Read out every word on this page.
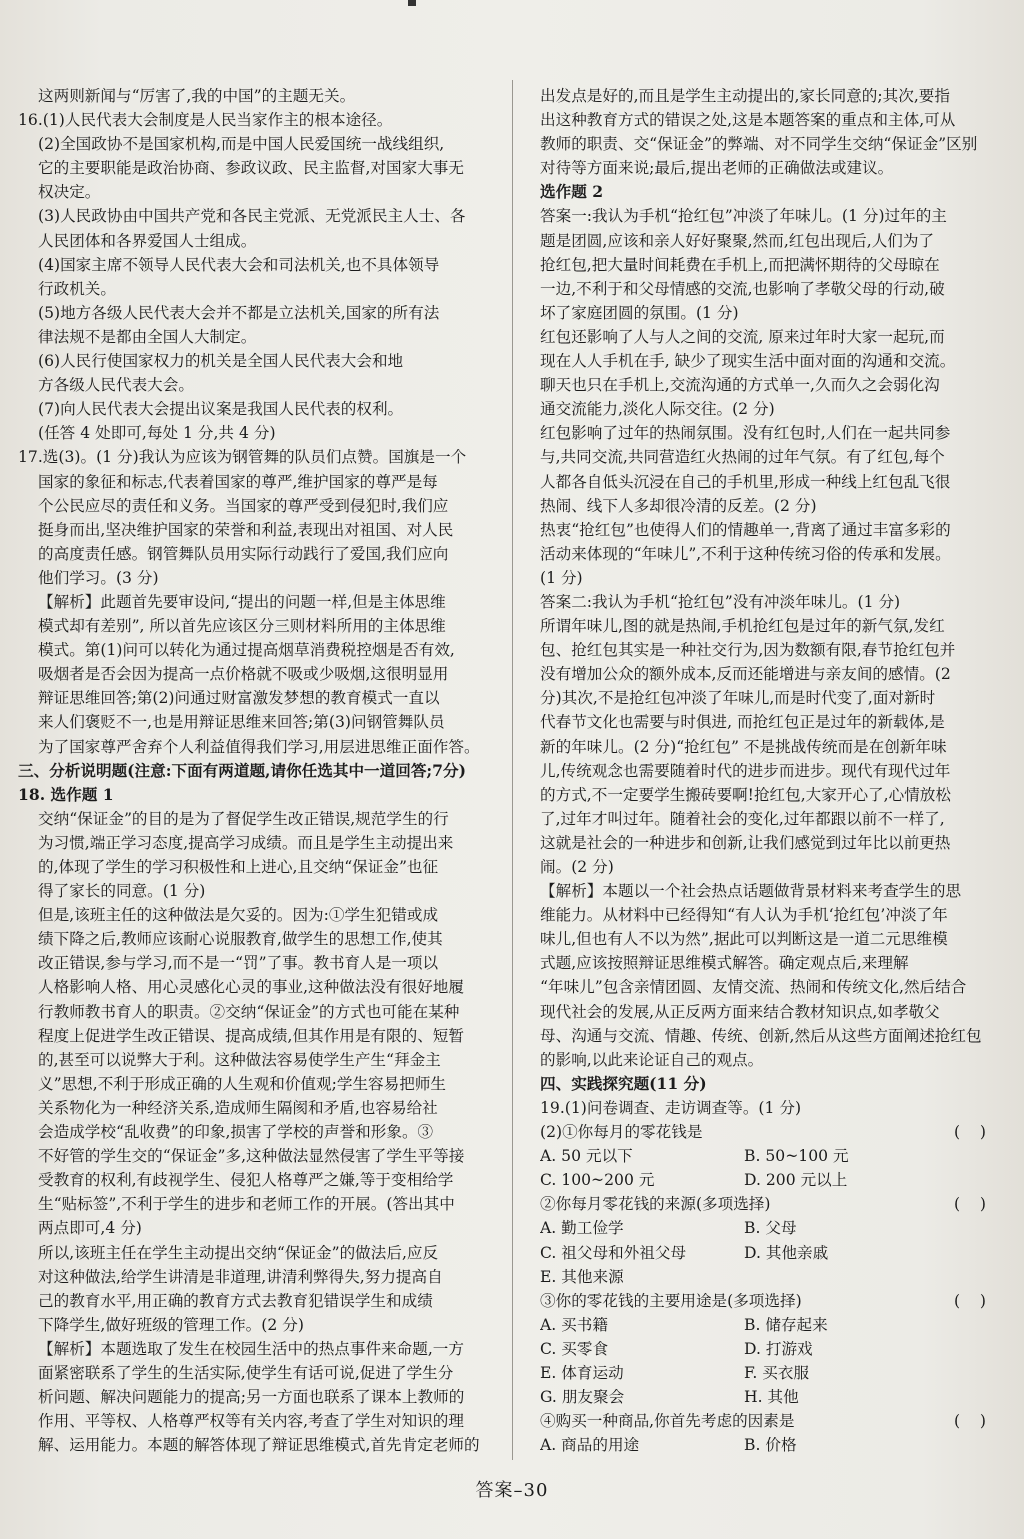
这两则新闻与“厉害了,我的中国”的主题无关。
16.(1)人民代表大会制度是人民当家作主的根本途径。
(2)全国政协不是国家机构,而是中国人民爱国统一战线组织,
它的主要职能是政治协商、参政议政、民主监督,对国家大事无
权决定。
(3)人民政协由中国共产党和各民主党派、无党派民主人士、各
人民团体和各界爱国人士组成。
(4)国家主席不领导人民代表大会和司法机关,也不具体领导
行政机关。
(5)地方各级人民代表大会并不都是立法机关,国家的所有法
律法规不是都由全国人大制定。
(6)人民行使国家权力的机关是全国人民代表大会和地
方各级人民代表大会。
(7)向人民代表大会提出议案是我国人民代表的权利。
(任答 4 处即可,每处 1 分,共 4 分)
17.选(3)。(1 分)我认为应该为钢管舞的队员们点赞。国旗是一个
国家的象征和标志,代表着国家的尊严,维护国家的尊严是每
个公民应尽的责任和义务。当国家的尊严受到侵犯时,我们应
挺身而出,坚决维护国家的荣誉和利益,表现出对祖国、对人民
的高度责任感。钢管舞队员用实际行动践行了爱国,我们应向
他们学习。(3 分)
【解析】此题首先要审设问,“提出的问题一样,但是主体思维
模式却有差别”, 所以首先应该区分三则材料所用的主体思维
模式。第(1)问可以转化为通过提高烟草消费税控烟是否有效,
吸烟者是否会因为提高一点价格就不吸或少吸烟,这很明显用
辩证思维回答;第(2)问通过财富激发梦想的教育模式一直以
来人们褒贬不一,也是用辩证思维来回答;第(3)问钢管舞队员
为了国家尊严舍弃个人利益值得我们学习,用层进思维正面作答。
三、分析说明题(注意:下面有两道题,请你任选其中一道回答;7分)
18. 选作题 1
交纳“保证金”的目的是为了督促学生改正错误,规范学生的行
为习惯,端正学习态度,提高学习成绩。而且是学生主动提出来
的,体现了学生的学习积极性和上进心,且交纳“保证金”也征
得了家长的同意。(1 分)
但是,该班主任的这种做法是欠妥的。因为:①学生犯错或成
绩下降之后,教师应该耐心说服教育,做学生的思想工作,使其
改正错误,参与学习,而不是一“罚”了事。教书育人是一项以
人格影响人格、用心灵感化心灵的事业,这种做法没有很好地履
行教师教书育人的职责。②交纳“保证金”的方式也可能在某种
程度上促进学生改正错误、提高成绩,但其作用是有限的、短暂
的,甚至可以说弊大于利。这种做法容易使学生产生“拜金主
义”思想,不利于形成正确的人生观和价值观;学生容易把师生
关系物化为一种经济关系,造成师生隔阂和矛盾,也容易给社
会造成学校“乱收费”的印象,损害了学校的声誉和形象。③
不好管的学生交的“保证金”多,这种做法显然侵害了学生平等接
受教育的权利,有歧视学生、侵犯人格尊严之嫌,等于变相给学
生“贴标签”,不利于学生的进步和老师工作的开展。(答出其中
两点即可,4 分)
所以,该班主任在学生主动提出交纳“保证金”的做法后,应反
对这种做法,给学生讲清是非道理,讲清利弊得失,努力提高自
己的教育水平,用正确的教育方式去教育犯错误学生和成绩
下降学生,做好班级的管理工作。(2 分)
【解析】本题选取了发生在校园生活中的热点事件来命题,一方
面紧密联系了学生的生活实际,使学生有话可说,促进了学生分
析问题、解决问题能力的提高;另一方面也联系了课本上教师的
作用、平等权、人格尊严权等有关内容,考查了学生对知识的理
解、运用能力。本题的解答体现了辩证思维模式,首先肯定老师的
出发点是好的,而且是学生主动提出的,家长同意的;其次,要指
出这种教育方式的错误之处,这是本题答案的重点和主体,可从
教师的职责、交“保证金”的弊端、对不同学生交纳“保证金”区别
对待等方面来说;最后,提出老师的正确做法或建议。
选作题 2
答案一:我认为手机“抢红包”冲淡了年味儿。(1 分)过年的主
题是团圆,应该和亲人好好聚聚,然而,红包出现后,人们为了
抢红包,把大量时间耗费在手机上,而把满怀期待的父母晾在
一边,不利于和父母情感的交流,也影响了孝敬父母的行动,破
坏了家庭团圆的氛围。(1 分)
红包还影响了人与人之间的交流, 原来过年时大家一起玩,而
现在人人手机在手, 缺少了现实生活中面对面的沟通和交流。
聊天也只在手机上,交流沟通的方式单一,久而久之会弱化沟
通交流能力,淡化人际交往。(2 分)
红包影响了过年的热闹氛围。没有红包时,人们在一起共同参
与,共同交流,共同营造红火热闹的过年气氛。有了红包,每个
人都各自低头沉浸在自己的手机里,形成一种线上红包乱飞很
热闹、线下人多却很冷清的反差。(2 分)
热衷“抢红包”也使得人们的情趣单一,背离了通过丰富多彩的
活动来体现的“年味儿”,不利于这种传统习俗的传承和发展。
(1 分)
答案二:我认为手机“抢红包”没有冲淡年味儿。(1 分)
所谓年味儿,图的就是热闹,手机抢红包是过年的新气氛,发红
包、抢红包其实是一种社交行为,因为数额有限,春节抢红包并
没有增加公众的额外成本,反而还能增进与亲友间的感情。(2
分)其次,不是抢红包冲淡了年味儿,而是时代变了,面对新时
代春节文化也需要与时俱进, 而抢红包正是过年的新载体,是
新的年味儿。(2 分)“抢红包” 不是挑战传统而是在创新年味
儿,传统观念也需要随着时代的进步而进步。现代有现代过年
的方式,不一定要学生搬砖要啊!抢红包,大家开心了,心情放松
了,过年才叫过年。随着社会的变化,过年都跟以前不一样了,
这就是社会的一种进步和创新,让我们感觉到过年比以前更热
闹。(2 分)
【解析】本题以一个社会热点话题做背景材料来考查学生的思
维能力。从材料中已经得知“有人认为手机‘抢红包’冲淡了年
味儿,但也有人不以为然”,据此可以判断这是一道二元思维模
式题,应该按照辩证思维模式解答。确定观点后,来理解
“年味儿”包含亲情团圆、友情交流、热闹和传统文化,然后结合
现代社会的发展,从正反两方面来结合教材知识点,如孝敬父
母、沟通与交流、情趣、传统、创新,然后从这些方面阐述抢红包
的影响,以此来论证自己的观点。
四、实践探究题(11 分)
19.(1)问卷调查、走访调查等。(1 分)
(2)①你每月的零花钱是	(    )
A. 50 元以下	B. 50~100 元
C. 100~200 元	D. 200 元以上
②你每月零花钱的来源(多项选择)	(    )
A. 勤工俭学	B. 父母
C. 祖父母和外祖父母	D. 其他亲戚
E. 其他来源
③你的零花钱的主要用途是(多项选择)	(    )
A. 买书籍	B. 储存起来
C. 买零食	D. 打游戏
E. 体育运动	F. 买衣服
G. 朋友聚会	H. 其他
④购买一种商品,你首先考虑的因素是	(    )
A. 商品的用途	B. 价格
答案–30
